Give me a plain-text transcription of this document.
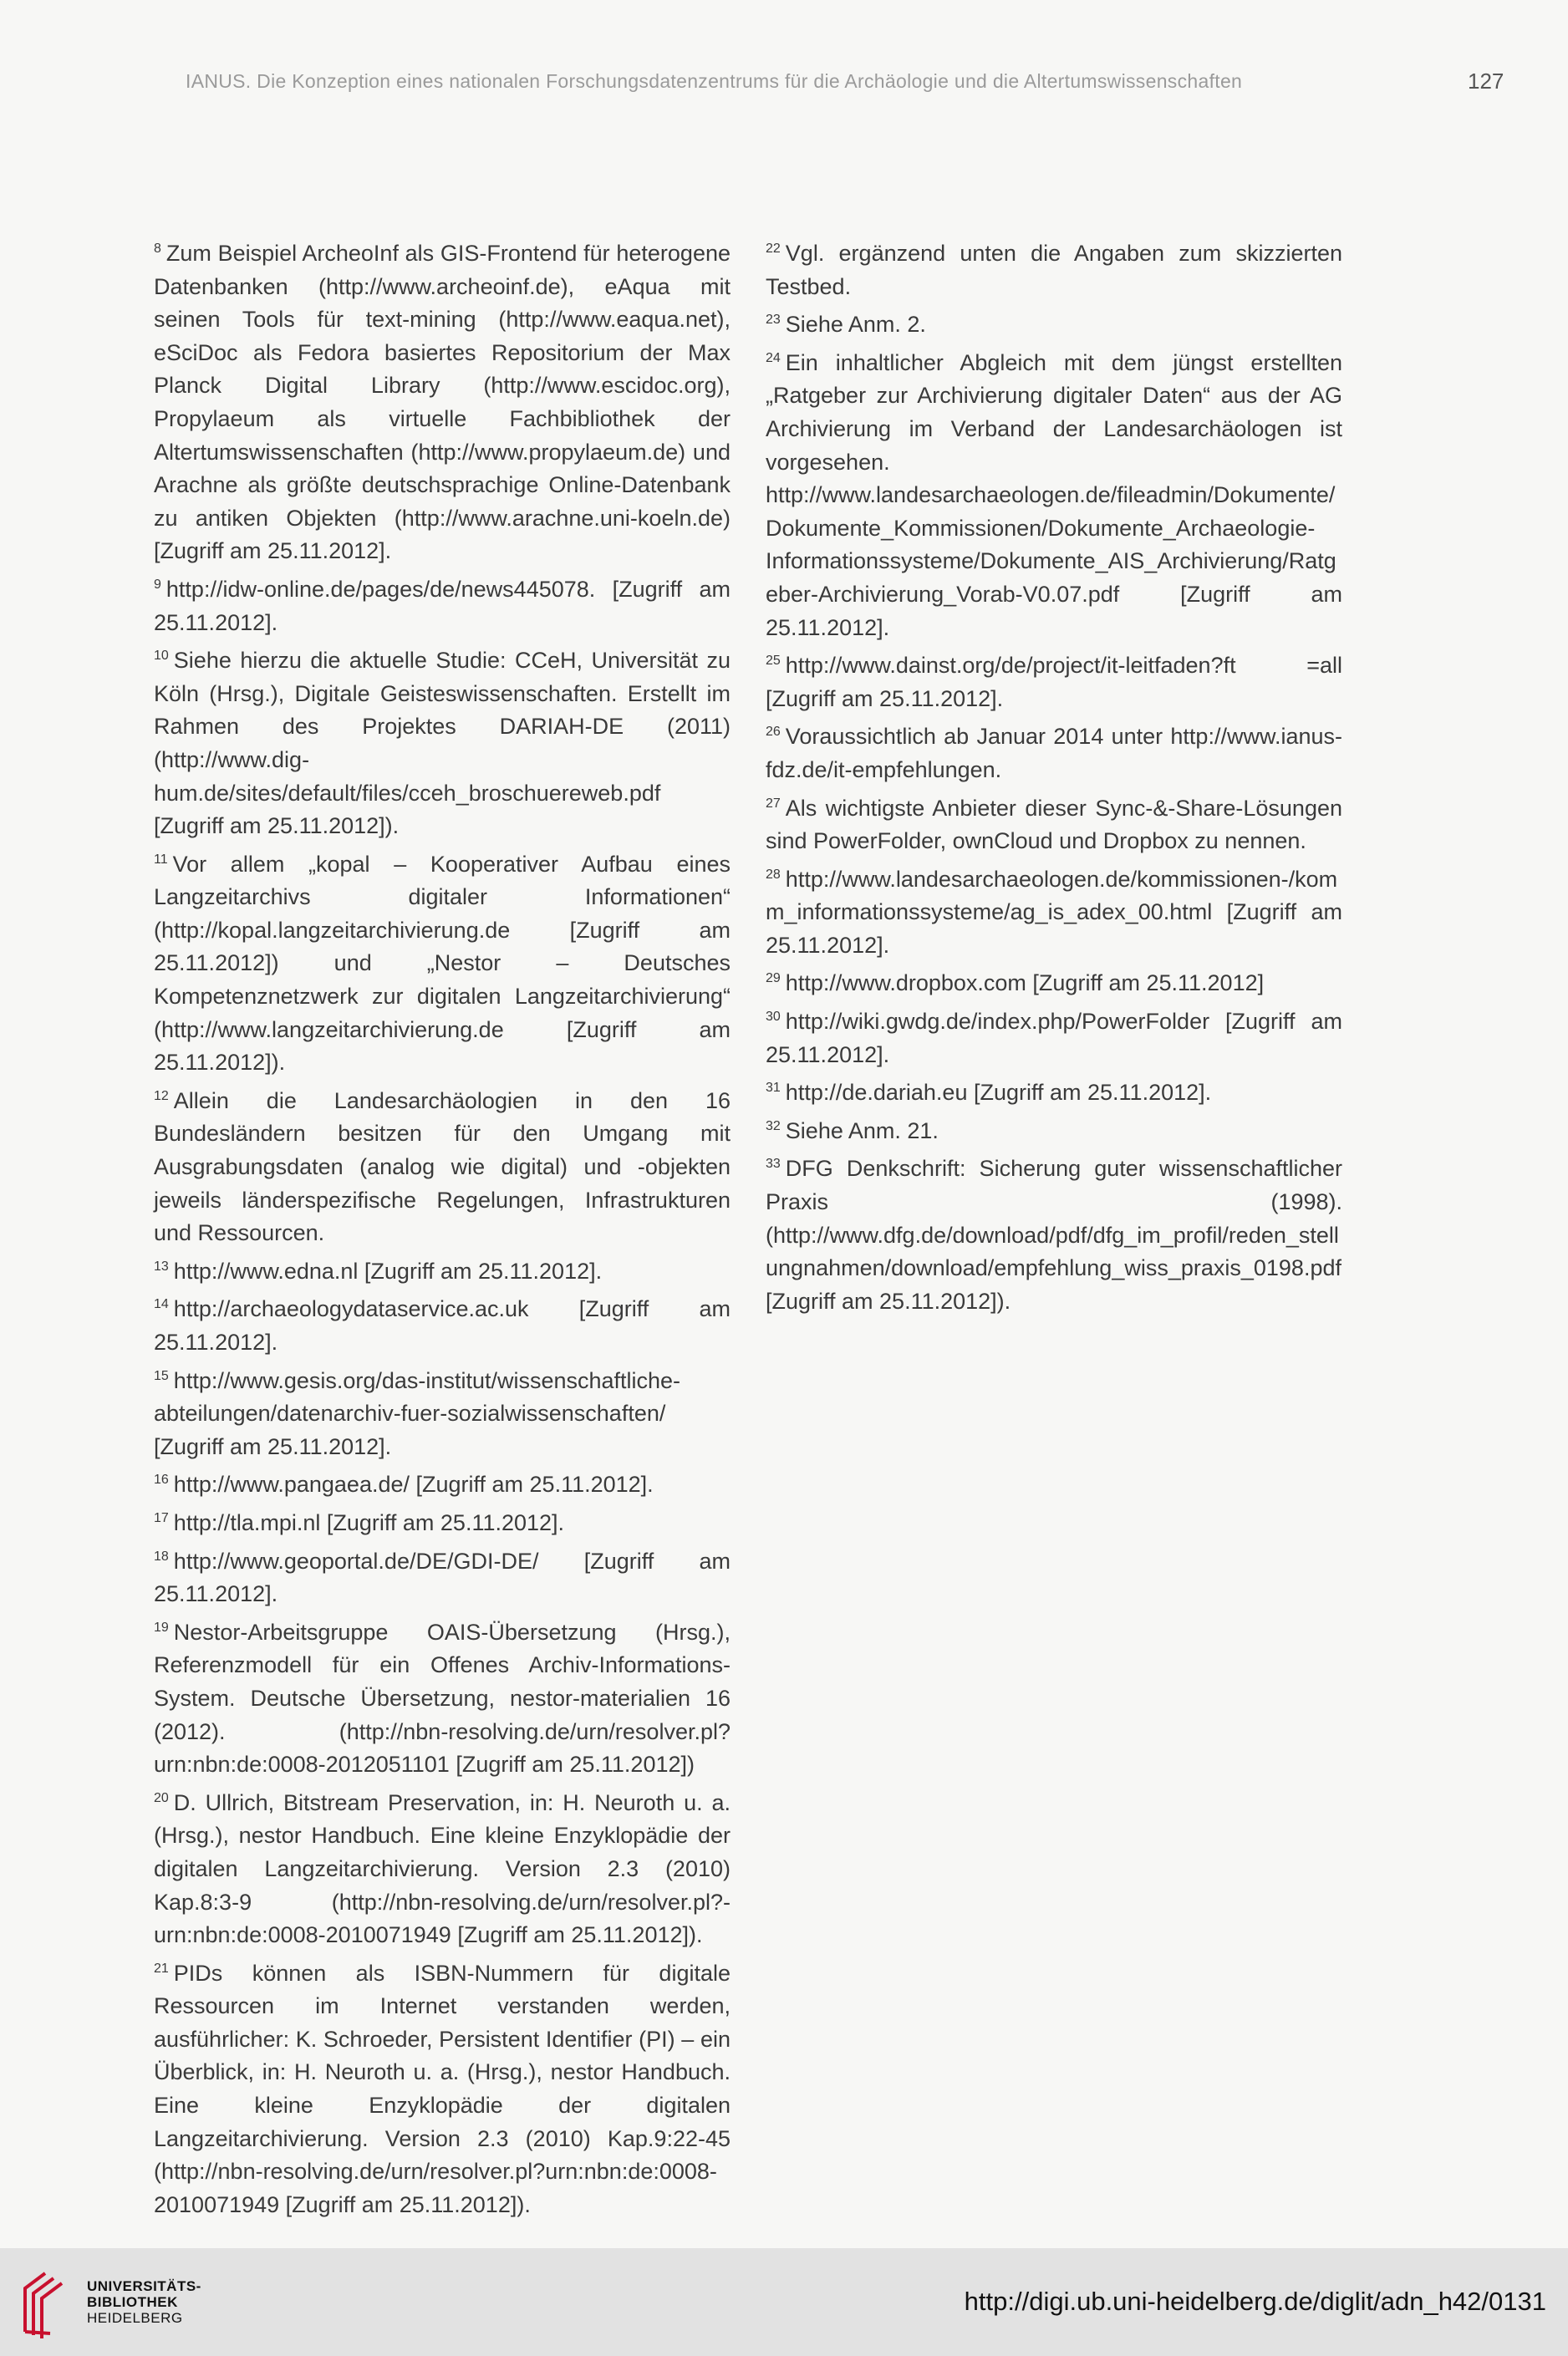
IANUS. Die Konzeption eines nationalen Forschungsdatenzentrums für die Archäologie und die Altertumswissenschaften	127

$^8$ Zum Beispiel ArcheoInf als GIS-Frontend für heterogene Datenbanken (http://www.archeoinf.de), eAqua mit seinen Tools für text-mining (http://www.eaqua.net), eSciDoc als Fedora basiertes Repositorium der Max Planck Digital Library (http://www.escidoc.org), Propylaeum als virtuelle Fachbibliothek der Altertumswissenschaften (http://www.propylaeum.de) und Arachne als größte deutschsprachige Online-Datenbank zu antiken Objekten (http://www.arachne.uni-koeln.de) [Zugriff am 25.11.2012].

$^9$ http://idw-online.de/pages/de/news445078. [Zugriff am 25.11.2012].

$^{10}$ Siehe hierzu die aktuelle Studie: CCeH, Universität zu Köln (Hrsg.), Digitale Geisteswissenschaften. Erstellt im Rahmen des Projektes DARIAH-DE (2011) (http://www.dig-hum.de/sites/default/files/cceh_broschuereweb.pdf [Zugriff am 25.11.2012]).

$^{11}$ Vor allem „kopal – Kooperativer Aufbau eines Langzeitarchivs digitaler Informationen“ (http://kopal.langzeitarchivierung.de [Zugriff am 25.11.2012]) und „Nestor – Deutsches Kompetenznetzwerk zur digitalen Langzeitarchivierung“ (http://www.langzeitarchivierung.de [Zugriff am 25.11.2012]).

$^{12}$ Allein die Landesarchäologien in den 16 Bundesländern besitzen für den Umgang mit Ausgrabungsdaten (analog wie digital) und -objekten jeweils länderspezifische Regelungen, Infrastrukturen und Ressourcen.

$^{13}$ http://www.edna.nl [Zugriff am 25.11.2012].

$^{14}$ http://archaeologydataservice.ac.uk [Zugriff am 25.11.2012].

$^{15}$ http://www.gesis.org/das-institut/wissenschaftliche-abteilungen/datenarchiv-fuer-sozialwissenschaften/ [Zugriff am 25.11.2012].

$^{16}$ http://www.pangaea.de/ [Zugriff am 25.11.2012].

$^{17}$ http://tla.mpi.nl [Zugriff am 25.11.2012].

$^{18}$ http://www.geoportal.de/DE/GDI-DE/ [Zugriff am 25.11.2012].

$^{19}$ Nestor-Arbeitsgruppe OAIS-Übersetzung (Hrsg.), Referenzmodell für ein Offenes Archiv-Informations-System. Deutsche Übersetzung, nestor-materialien 16 (2012). (http://nbn-resolving.de/urn/resolver.pl?urn:nbn:de:0008-2012051101 [Zugriff am 25.11.2012])

$^{20}$ D. Ullrich, Bitstream Preservation, in: H. Neuroth u. a. (Hrsg.), nestor Handbuch. Eine kleine Enzyklopädie der digitalen Langzeitarchivierung. Version 2.3 (2010) Kap.8:3-9 (http://nbn-resolving.de/urn/resolver.pl?-urn:nbn:de:0008-2010071949 [Zugriff am 25.11.2012]).

$^{21}$ PIDs können als ISBN-Nummern für digitale Ressourcen im Internet verstanden werden, ausführlicher: K. Schroeder, Persistent Identifier (PI) – ein Überblick, in: H. Neuroth u. a. (Hrsg.), nestor Handbuch. Eine kleine Enzyklopädie der digitalen Langzeitarchivierung. Version 2.3 (2010) Kap.9:22-45 (http://nbn-resolving.de/urn/resolver.pl?urn:nbn:de:0008-2010071949 [Zugriff am 25.11.2012]).

$^{22}$ Vgl. ergänzend unten die Angaben zum skizzierten Testbed.

$^{23}$ Siehe Anm. 2.

$^{24}$ Ein inhaltlicher Abgleich mit dem jüngst erstellten „Ratgeber zur Archivierung digitaler Daten“ aus der AG Archivierung im Verband der Landesarchäologen ist vorgesehen. http://www.landesarchaeologen.de/fileadmin/Dokumente/Dokumente_Kommissionen/Dokumente_Archaeologie-Informationssysteme/Dokumente_AIS_Archivierung/Ratgeber-Archivierung_Vorab-V0.07.pdf [Zugriff am 25.11.2012].

$^{25}$ http://www.dainst.org/de/project/it-leitfaden?ft =all [Zugriff am 25.11.2012].

$^{26}$ Voraussichtlich ab Januar 2014 unter http://www.ianus-fdz.de/it-empfehlungen.

$^{27}$ Als wichtigste Anbieter dieser Sync-&-Share-Lösungen sind PowerFolder, ownCloud und Dropbox zu nennen.

$^{28}$ http://www.landesarchaeologen.de/kommissionen-/komm_informationssysteme/ag_is_adex_00.html [Zugriff am 25.11.2012].

$^{29}$ http://www.dropbox.com [Zugriff am 25.11.2012]

$^{30}$ http://wiki.gwdg.de/index.php/PowerFolder [Zugriff am 25.11.2012].

$^{31}$ http://de.dariah.eu [Zugriff am 25.11.2012].

$^{32}$ Siehe Anm. 21.

$^{33}$ DFG Denkschrift: Sicherung guter wissenschaftlicher Praxis (1998). (http://www.dfg.de/download/pdf/dfg_im_profil/reden_stellungnahmen/download/empfehlung_wiss_praxis_0198.pdf [Zugriff am 25.11.2012]).

UNIVERSITÄTS-
BIBLIOTHEK
HEIDELBERG
http://digi.ub.uni-heidelberg.de/diglit/adn_h42/0131
